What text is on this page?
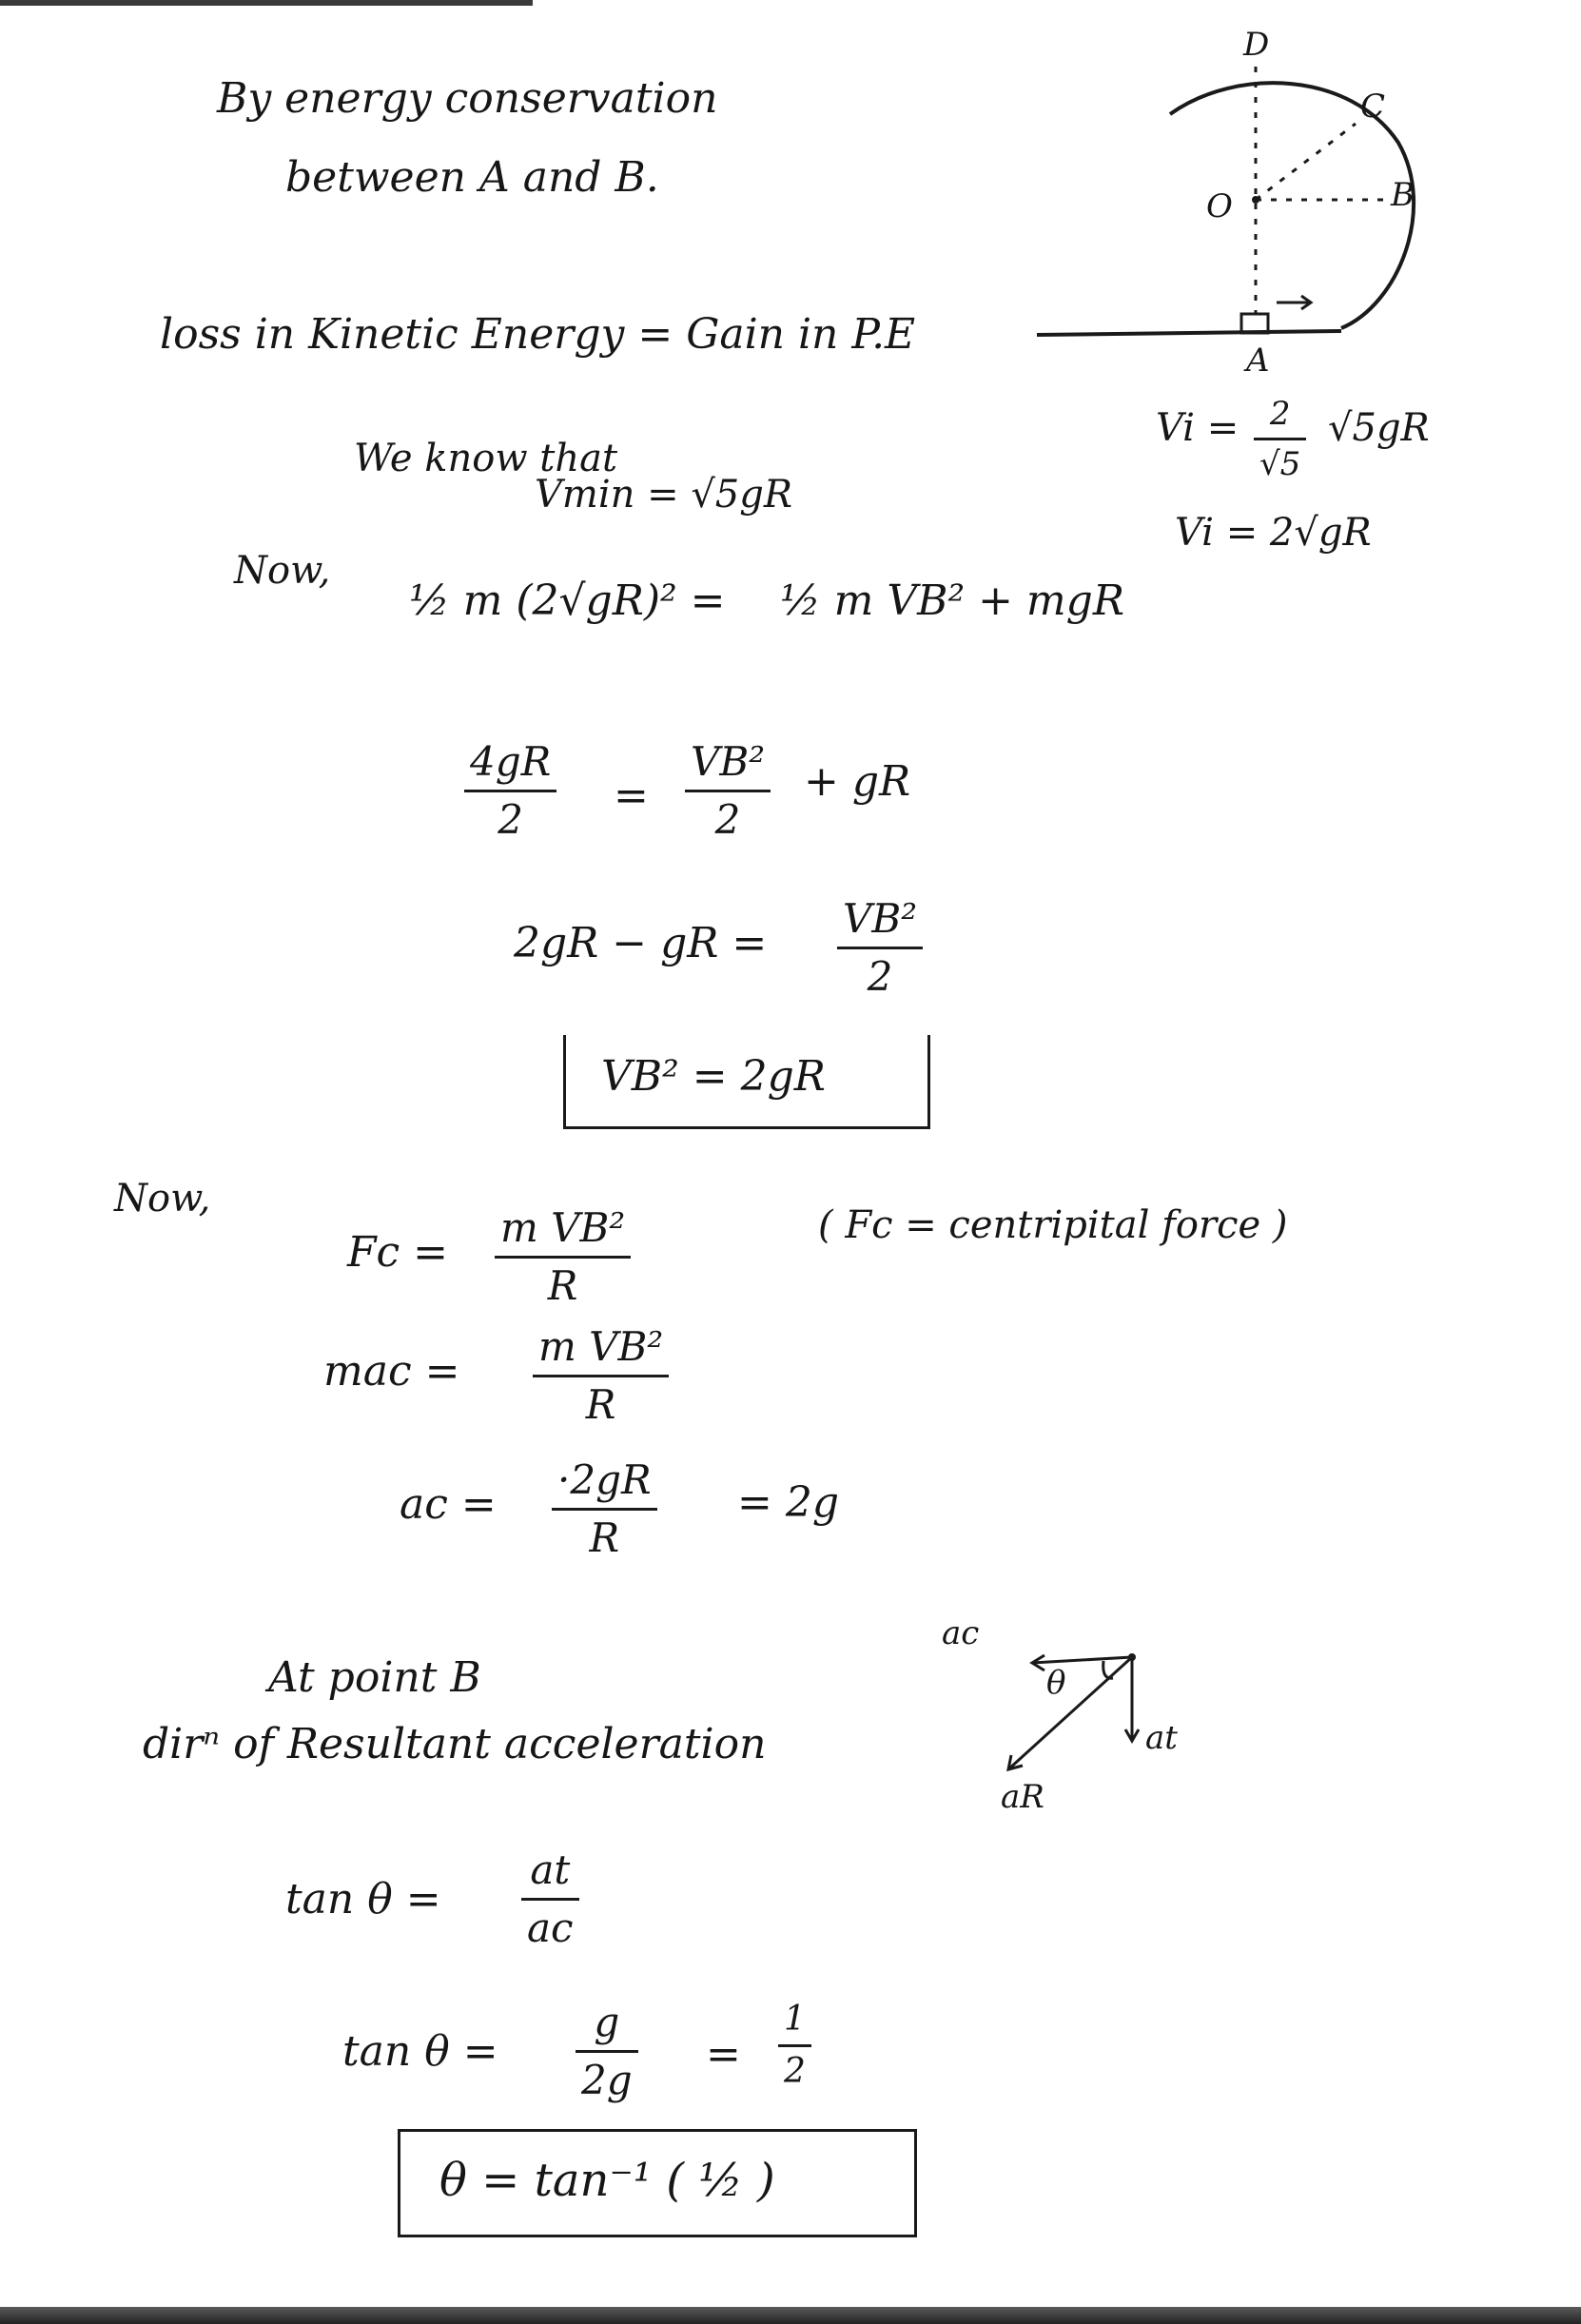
By energy conservation
between A and B.
loss in Kinetic Energy = Gain in P.E
D
C
B
O
A
Vi = 2
√5
√5gR
Vi = 2√gR
We know that
Vmin = √5gR
Now,
½ m (2√gR)² = ½ m VB² + mgR
4gR
2 =
VB²
2
+ gR
2gR − gR =
VB²
2
VB² = 2gR
Now,
Fc =
m VB²
R
( Fc = centripital force )
mac =
m VB²
R
ac =
·2gR
R
= 2g
At point B
dirⁿ of Resultant acceleration
ac
θ
at
aR
tan θ =
at
ac
tan θ =
g
2g
=
1
2
θ = tan⁻¹ ( ½ )
